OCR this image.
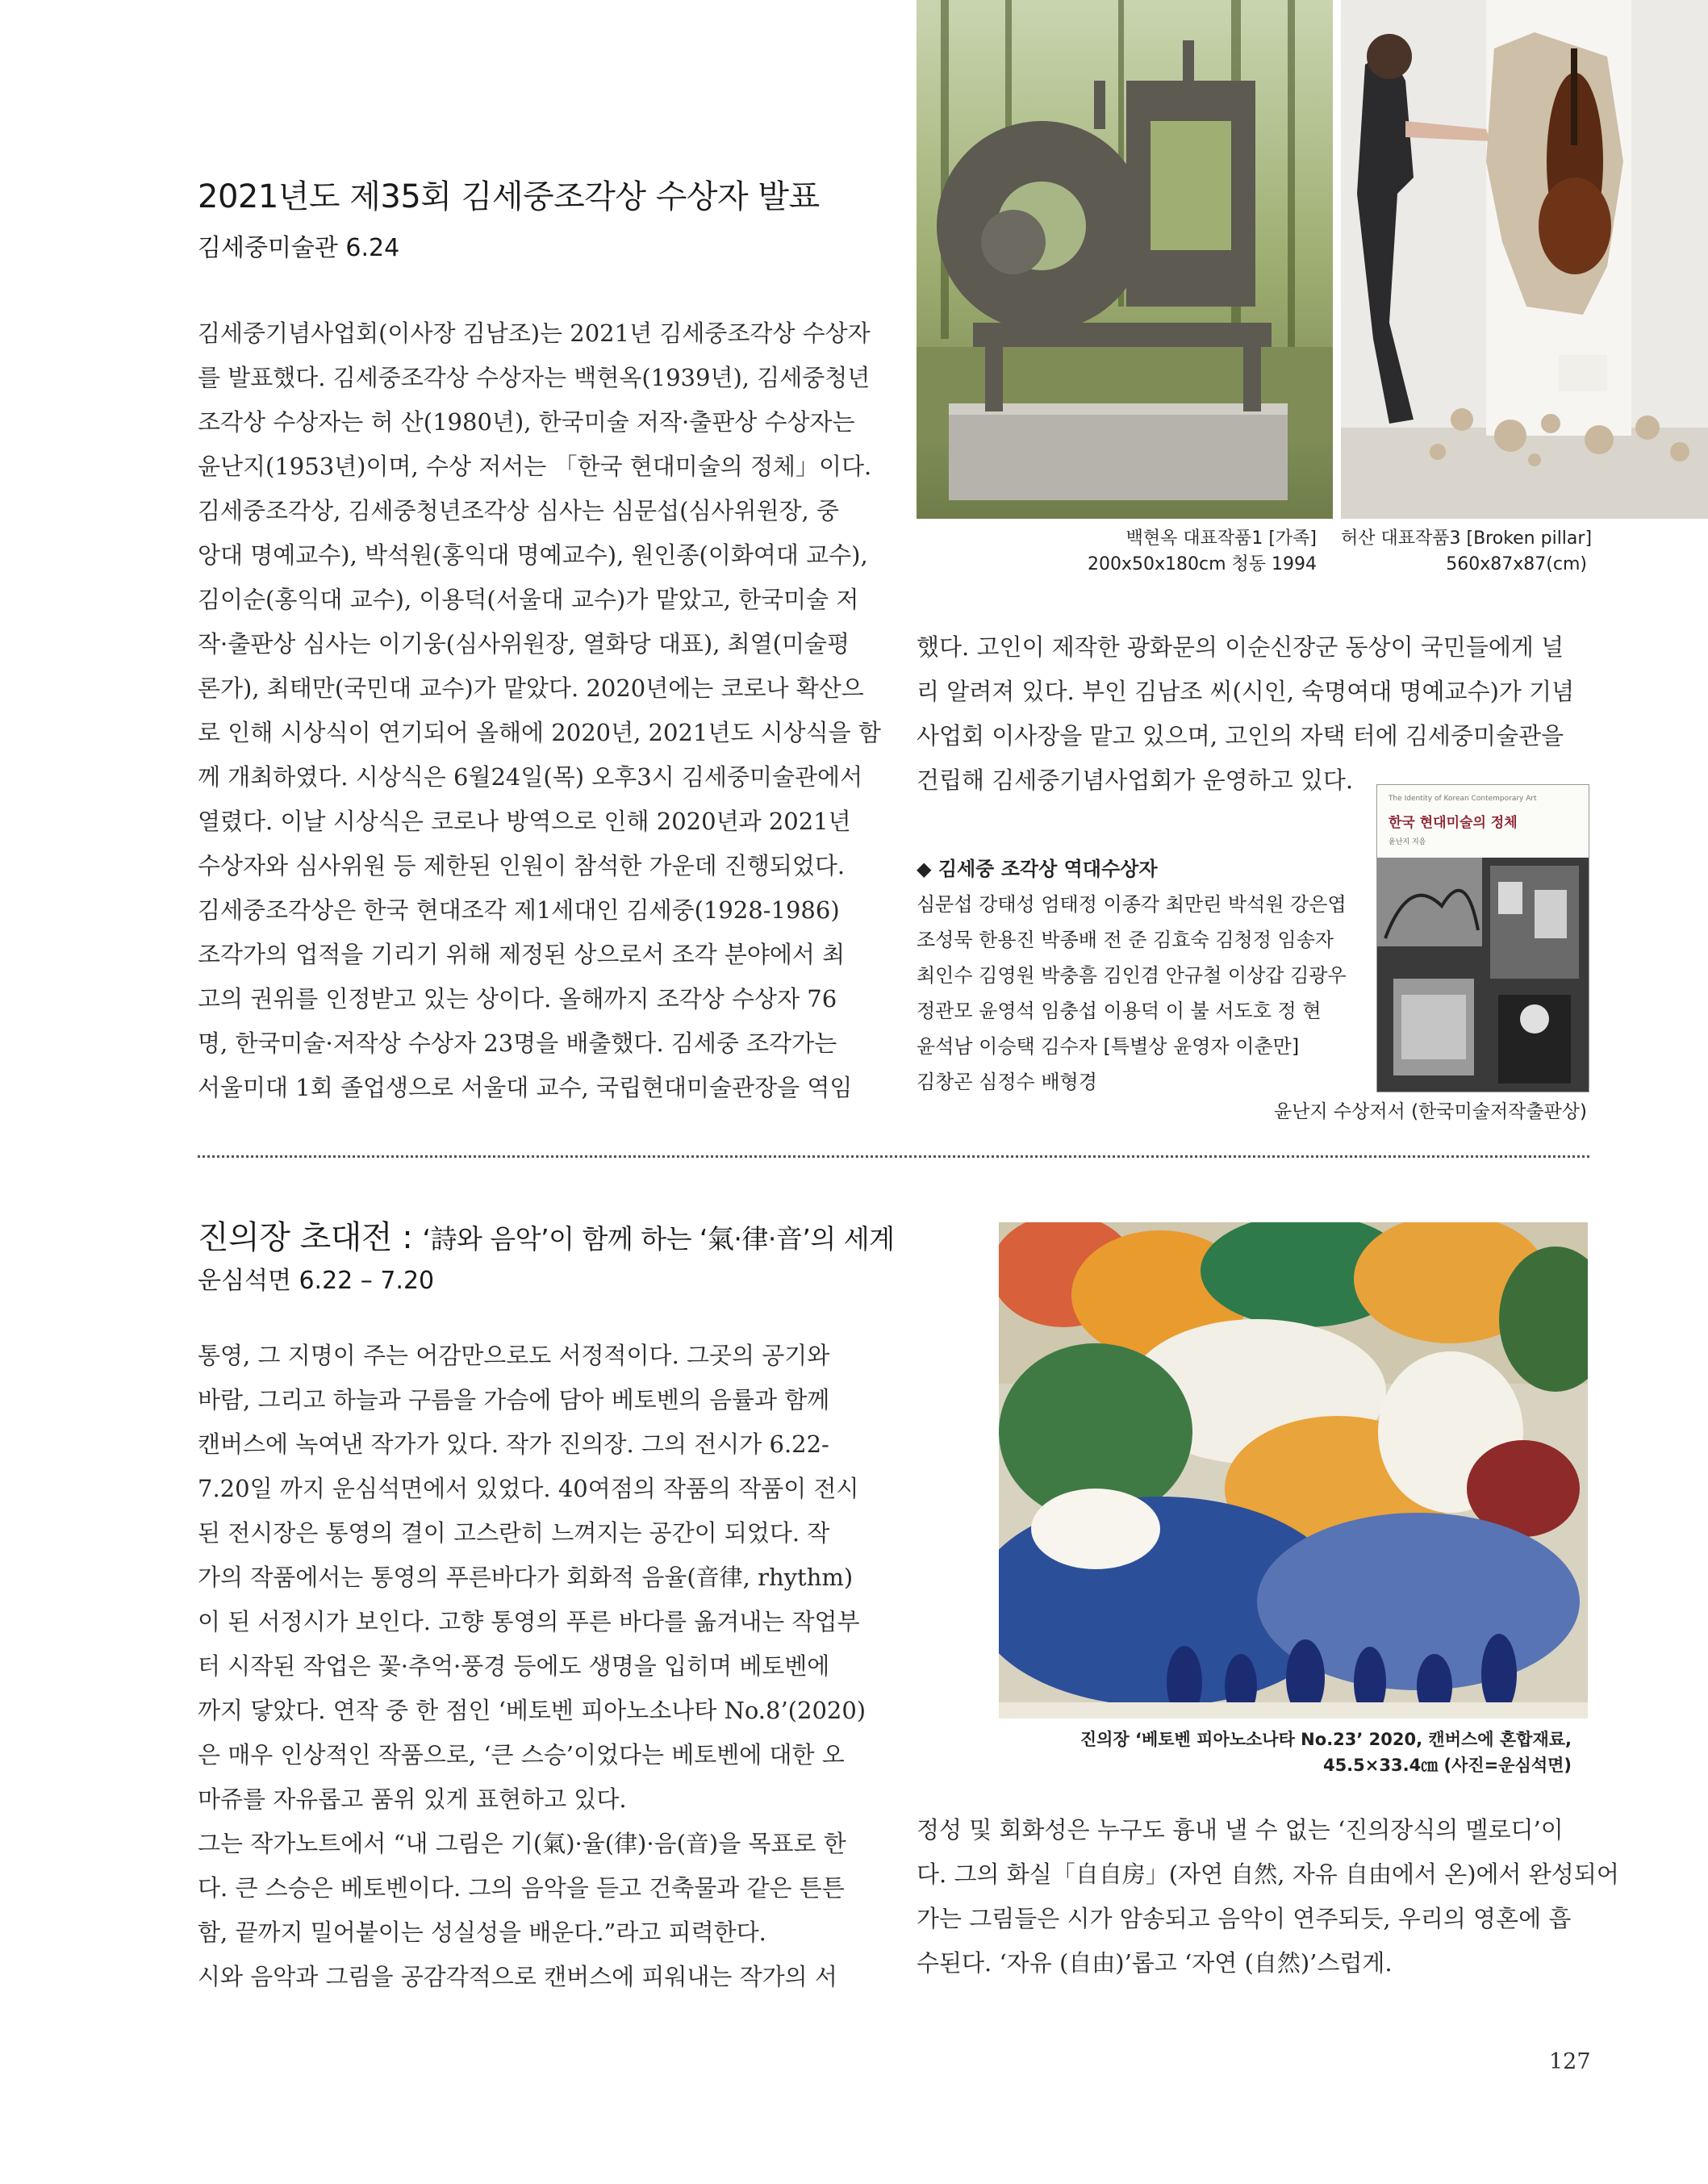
2021년도 제35회 김세중조각상 수상자 발표
김세중미술관 6.24
김세중기념사업회(이사장 김남조)는 2021년 김세중조각상 수상자
를 발표했다. 김세중조각상 수상자는 백현옥(1939년), 김세중청년
조각상 수상자는 허 산(1980년), 한국미술 저작·출판상 수상자는
윤난지(1953년)이며, 수상 저서는 「한국 현대미술의 정체」이다.
김세중조각상, 김세중청년조각상 심사는 심문섭(심사위원장, 중
앙대 명예교수), 박석원(홍익대 명예교수), 원인종(이화여대 교수),
김이순(홍익대 교수), 이용덕(서울대 교수)가 맡았고, 한국미술 저
작·출판상 심사는 이기웅(심사위원장, 열화당 대표), 최열(미술평
론가), 최태만(국민대 교수)가 맡았다. 2020년에는 코로나 확산으
로 인해 시상식이 연기되어 올해에 2020년, 2021년도 시상식을 함
께 개최하였다. 시상식은 6월24일(목) 오후3시 김세중미술관에서
열렸다. 이날 시상식은 코로나 방역으로 인해 2020년과 2021년
수상자와 심사위원 등 제한된 인원이 참석한 가운데 진행되었다.
김세중조각상은 한국 현대조각 제1세대인 김세중(1928-1986)
조각가의 업적을 기리기 위해 제정된 상으로서 조각 분야에서 최
고의 권위를 인정받고 있는 상이다. 올해까지 조각상 수상자 76
명, 한국미술·저작상 수상자 23명을 배출했다. 김세중 조각가는
서울미대 1회 졸업생으로 서울대 교수, 국립현대미술관장을 역임
백현옥 대표작품1 [가족]
200x50x180cm 청동 1994
허산 대표작품3 [Broken pillar]
560x87x87(cm)
했다. 고인이 제작한 광화문의 이순신장군 동상이 국민들에게 널
리 알려져 있다. 부인 김남조 씨(시인, 숙명여대 명예교수)가 기념
사업회 이사장을 맡고 있으며, 고인의 자택 터에 김세중미술관을
건립해 김세중기념사업회가 운영하고 있다.
◆ 김세중 조각상 역대수상자
심문섭 강태성 엄태정 이종각 최만린 박석원 강은엽
조성묵 한용진 박종배 전 준 김효숙 김청정 임송자
최인수 김영원 박충흠 김인겸 안규철 이상갑 김광우
정관모 윤영석 임충섭 이용덕 이 불 서도호 정 현
윤석남 이승택 김수자 [특별상 윤영자 이춘만]
김창곤 심정수 배형경
The Identity of Korean Contemporary Art
한국 현대미술의 정체
윤난지 지음
윤난지 수상저서 (한국미술저작출판상)
진의장 초대전 : ‘詩와 음악’이 함께 하는 ‘氣·律·音’의 세계
운심석면 6.22 – 7.20
통영, 그 지명이 주는 어감만으로도 서정적이다. 그곳의 공기와
바람, 그리고 하늘과 구름을 가슴에 담아 베토벤의 음률과 함께
캔버스에 녹여낸 작가가 있다. 작가 진의장. 그의 전시가 6.22-
7.20일 까지 운심석면에서 있었다. 40여점의 작품의 작품이 전시
된 전시장은 통영의 결이 고스란히 느껴지는 공간이 되었다. 작
가의 작품에서는 통영의 푸른바다가 회화적 음율(音律, rhythm)
이 된 서정시가 보인다. 고향 통영의 푸른 바다를 옮겨내는 작업부
터 시작된 작업은 꽃·추억·풍경 등에도 생명을 입히며 베토벤에
까지 닿았다. 연작 중 한 점인 ‘베토벤 피아노소나타 No.8’(2020)
은 매우 인상적인 작품으로, ‘큰 스승’이었다는 베토벤에 대한 오
마쥬를 자유롭고 품위 있게 표현하고 있다.
그는 작가노트에서 “내 그림은 기(氣)·율(律)·음(音)을 목표로 한
다. 큰 스승은 베토벤이다. 그의 음악을 듣고 건축물과 같은 튼튼
함, 끝까지 밀어붙이는 성실성을 배운다.”라고 피력한다.
시와 음악과 그림을 공감각적으로 캔버스에 피워내는 작가의 서
진의장 ‘베토벤 피아노소나타 No.23’ 2020, 캔버스에 혼합재료,
45.5×33.4㎝ (사진=운심석면)
정성 및 회화성은 누구도 흉내 낼 수 없는 ‘진의장식의 멜로디’이
다. 그의 화실「自自房」(자연 自然, 자유 自由에서 온)에서 완성되어
가는 그림들은 시가 암송되고 음악이 연주되듯, 우리의 영혼에 흡
수된다. ‘자유 (自由)’롭고 ‘자연 (自然)’스럽게.
127
